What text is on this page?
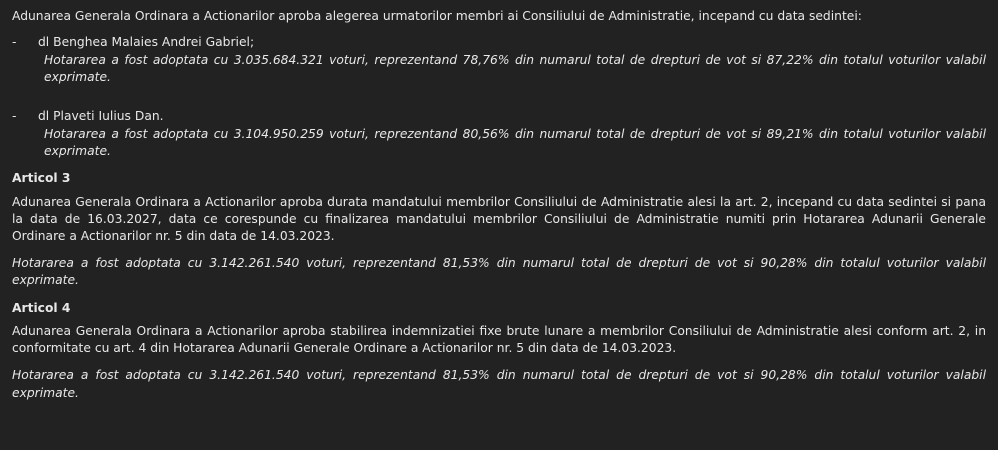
Adunarea Generala Ordinara a Actionarilor aproba alegerea urmatorilor membri ai Consiliului de Administratie, incepand cu data sedintei:

-	dl Benghea Malaies Andrei Gabriel;

Hotararea a fost adoptata cu 3.035.684.321 voturi, reprezentand 78,76% din numarul total de drepturi de vot si 87,22% din totalul voturilor valabil exprimate.

-	dl Plaveti Iulius Dan.

Hotararea a fost adoptata cu 3.104.950.259 voturi, reprezentand 80,56% din numarul total de drepturi de vot si 89,21% din totalul voturilor valabil exprimate.

Articol 3

Adunarea Generala Ordinara a Actionarilor aproba durata mandatului membrilor Consiliului de Administratie alesi la art. 2, incepand cu data sedintei si pana la data de 16.03.2027, data ce corespunde cu finalizarea mandatului membrilor Consiliului de Administratie numiti prin Hotararea Adunarii Generale Ordinare a Actionarilor nr. 5 din data de 14.03.2023.

Hotararea a fost adoptata cu 3.142.261.540 voturi, reprezentand 81,53% din numarul total de drepturi de vot si 90,28% din totalul voturilor valabil exprimate.

Articol 4

Adunarea Generala Ordinara a Actionarilor aproba stabilirea indemnizatiei fixe brute lunare a membrilor Consiliului de Administratie alesi conform art. 2, in conformitate cu art. 4 din Hotararea Adunarii Generale Ordinare a Actionarilor nr. 5 din data de 14.03.2023.

Hotararea a fost adoptata cu 3.142.261.540 voturi, reprezentand 81,53% din numarul total de drepturi de vot si 90,28% din totalul voturilor valabil exprimate.
